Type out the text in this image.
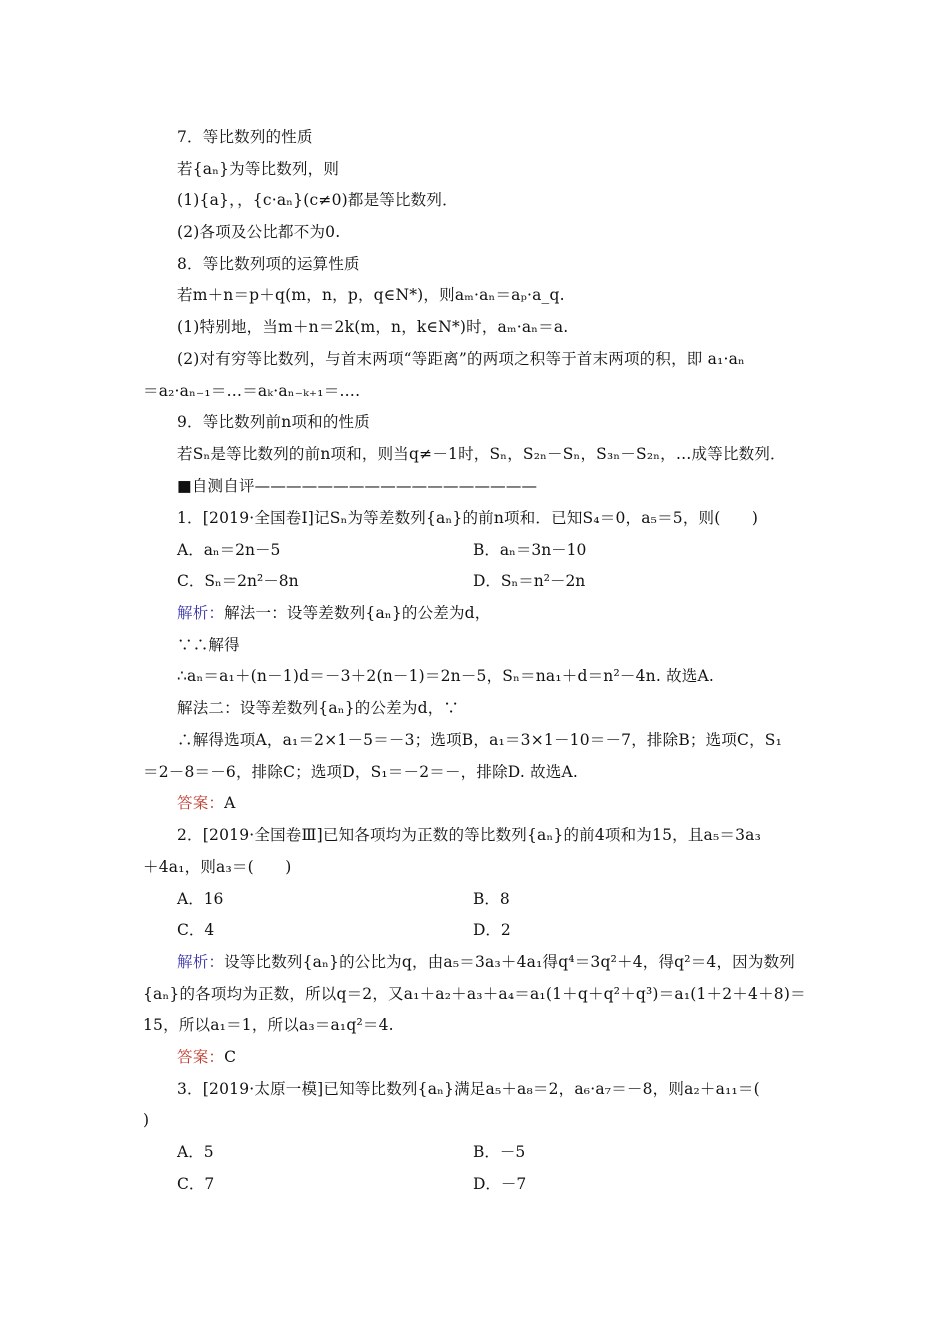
7．等比数列的性质
若{aₙ}为等比数列，则
(1){a}，，{c·aₙ}(c≠0)都是等比数列．
(2)各项及公比都不为0.
8．等比数列项的运算性质
若m＋n＝p＋q(m，n，p，q∈N*)，则aₘ·aₙ＝aₚ·a_q.
(1)特别地，当m＋n＝2k(m，n，k∈N*)时，aₘ·aₙ＝a.
(2)对有穷等比数列，与首末两项“等距离”的两项之积等于首末两项的积，即 a₁·aₙ
＝a₂·aₙ₋₁＝…＝aₖ·aₙ₋ₖ₊₁＝….
9．等比数列前n项和的性质
若Sₙ是等比数列的前n项和，则当q≠－1时，Sₙ，S₂ₙ－Sₙ，S₃ₙ－S₂ₙ，…成等比数列．
■自测自评——————————————————
1．[2019·全国卷Ⅰ]记Sₙ为等差数列{aₙ}的前n项和．已知S₄＝0，a₅＝5，则(　　)
A．aₙ＝2n－5	B．aₙ＝3n－10
C．Sₙ＝2n²－8n	D．Sₙ＝n²－2n
解析：解法一：设等差数列{aₙ}的公差为d，
∵∴解得
∴aₙ＝a₁＋(n－1)d＝－3＋2(n－1)＝2n－5，Sₙ＝na₁＋d＝n²－4n. 故选A.
解法二：设等差数列{aₙ}的公差为d，∵
∴解得选项A，a₁＝2×1－5＝－3；选项B，a₁＝3×1－10＝－7，排除B；选项C，S₁
＝2－8＝－6，排除C；选项D，S₁＝－2＝－，排除D. 故选A.
答案：A
2．[2019·全国卷Ⅲ]已知各项均为正数的等比数列{aₙ}的前4项和为15，且a₅＝3a₃
＋4a₁，则a₃＝(　　)
A．16	B．8
C．4	D．2
解析：设等比数列{aₙ}的公比为q，由a₅＝3a₃＋4a₁得q⁴＝3q²＋4，得q²＝4，因为数列
{aₙ}的各项均为正数，所以q＝2，又a₁＋a₂＋a₃＋a₄＝a₁(1＋q＋q²＋q³)＝a₁(1＋2＋4＋8)＝
15，所以a₁＝1，所以a₃＝a₁q²＝4.
答案：C
3．[2019·太原一模]已知等比数列{aₙ}满足a₅＋a₈＝2，a₆·a₇＝－8，则a₂＋a₁₁＝(
)
A．5	B．－5
C．7	D．－7
